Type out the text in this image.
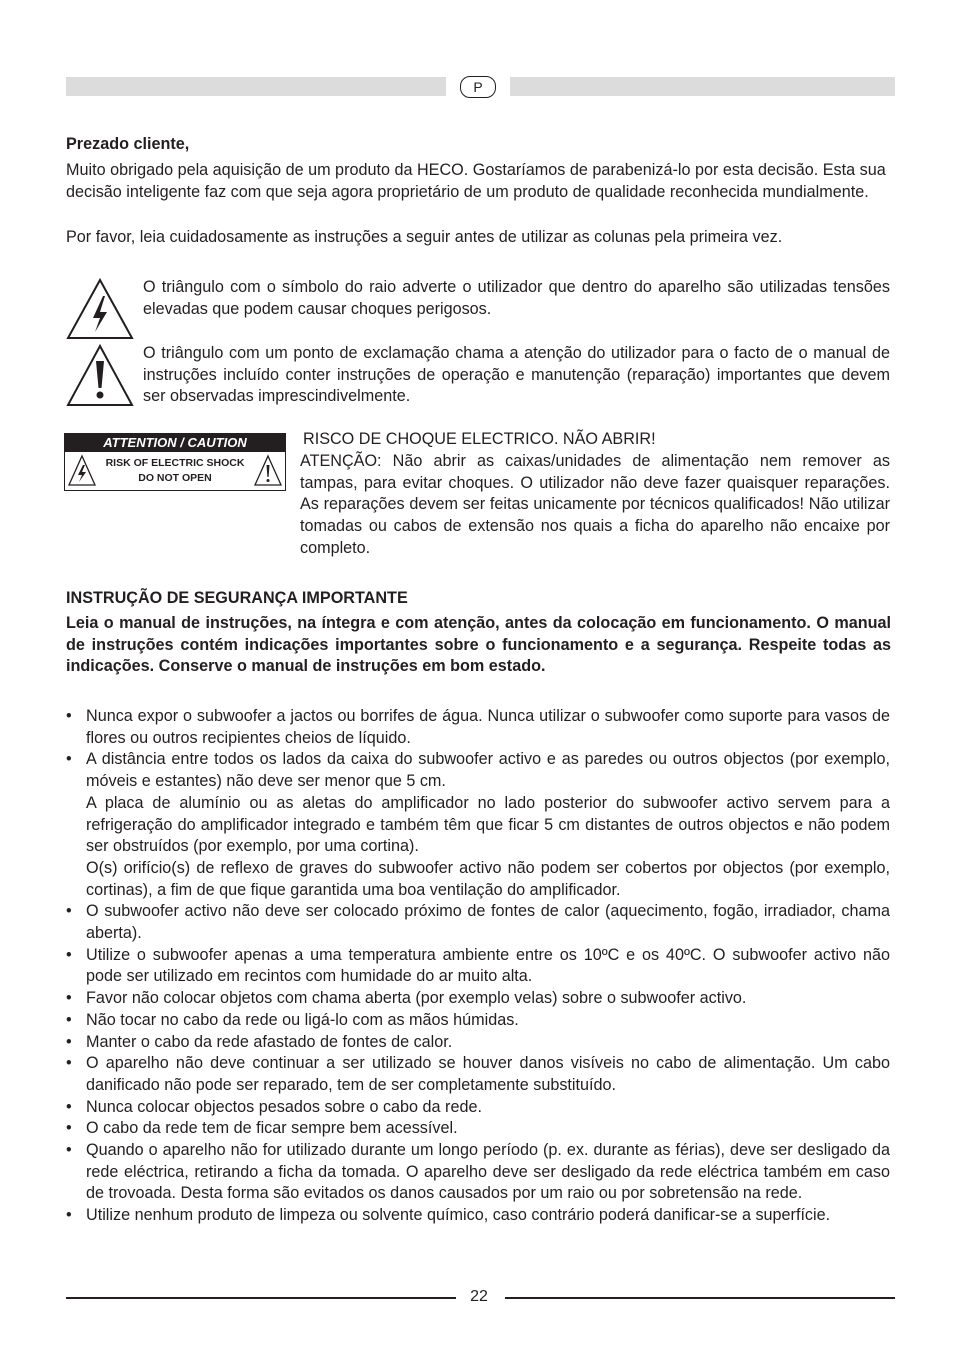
P

Prezado cliente,

Muito obrigado pela aquisição de um produto da HECO. Gostaríamos de parabenizá-lo por esta decisão. Esta sua decisão inteligente faz com que seja agora proprietário de um produto de qualidade reconhecida mundialmente.

Por favor, leia cuidadosamente as instruções a seguir antes de utilizar as colunas pela primeira vez.

O triângulo com o símbolo do raio adverte o utilizador que dentro do aparelho são utilizadas tensões elevadas que podem causar choques perigosos.

O triângulo com um ponto de exclamação chama a atenção do utilizador para o facto de o manual de instruções incluído conter instruções de operação e manutenção (reparação) importantes que devem ser observadas imprescindivelmente.

ATTENTION / CAUTION
RISK OF ELECTRIC SHOCK
DO NOT OPEN

RISCO DE CHOQUE ELECTRICO. NÃO ABRIR!

ATENÇÃO: Não abrir as caixas/unidades de alimentação nem remover as tampas, para evitar choques. O utilizador não deve fazer quaisquer reparações. As reparações devem ser feitas unicamente por técnicos qualificados! Não utilizar tomadas ou cabos de extensão nos quais a ficha do aparelho não encaixe por completo.

INSTRUÇÃO DE SEGURANÇA IMPORTANTE

Leia o manual de instruções, na íntegra e com atenção, antes da colocação em funcionamento. O manual de instruções contém indicações importantes sobre o funcionamento e a segurança. Respeite todas as indicações. Conserve o manual de instruções em bom estado.

• Nunca expor o subwoofer a jactos ou borrifes de água. Nunca utilizar o subwoofer como suporte para vasos de flores ou outros recipientes cheios de líquido.
• A distância entre todos os lados da caixa do subwoofer activo e as paredes ou outros objectos (por exemplo, móveis e estantes) não deve ser menor que 5 cm.
A placa de alumínio ou as aletas do amplificador no lado posterior do subwoofer activo servem para a refrigeração do amplificador integrado e também têm que ficar 5 cm distantes de outros objectos e não podem ser obstruídos (por exemplo, por uma cortina).
O(s) orifício(s) de reflexo de graves do subwoofer activo não podem ser cobertos por objectos (por exemplo, cortinas), a fim de que fique garantida uma boa ventilação do amplificador.
• O subwoofer activo não deve ser colocado próximo de fontes de calor (aquecimento, fogão, irradiador, chama aberta).
• Utilize o subwoofer apenas a uma temperatura ambiente entre os 10ºC e os 40ºC. O subwoofer activo não pode ser utilizado em recintos com humidade do ar muito alta.
• Favor não colocar objetos com chama aberta (por exemplo velas) sobre o subwoofer activo.
• Não tocar no cabo da rede ou ligá-lo com as mãos húmidas.
• Manter o cabo da rede afastado de fontes de calor.
• O aparelho não deve continuar a ser utilizado se houver danos visíveis no cabo de alimentação. Um cabo danificado não pode ser reparado, tem de ser completamente substituído.
• Nunca colocar objectos pesados sobre o cabo da rede.
• O cabo da rede tem de ficar sempre bem acessível.
• Quando o aparelho não for utilizado durante um longo período (p. ex. durante as férias), deve ser desligado da rede eléctrica, retirando a ficha da tomada. O aparelho deve ser desligado da rede eléctrica também em caso de trovoada. Desta forma são evitados os danos causados por um raio ou por sobretensão na rede.
• Utilize nenhum produto de limpeza ou solvente químico, caso contrário poderá danificar-se a superfície.
22
